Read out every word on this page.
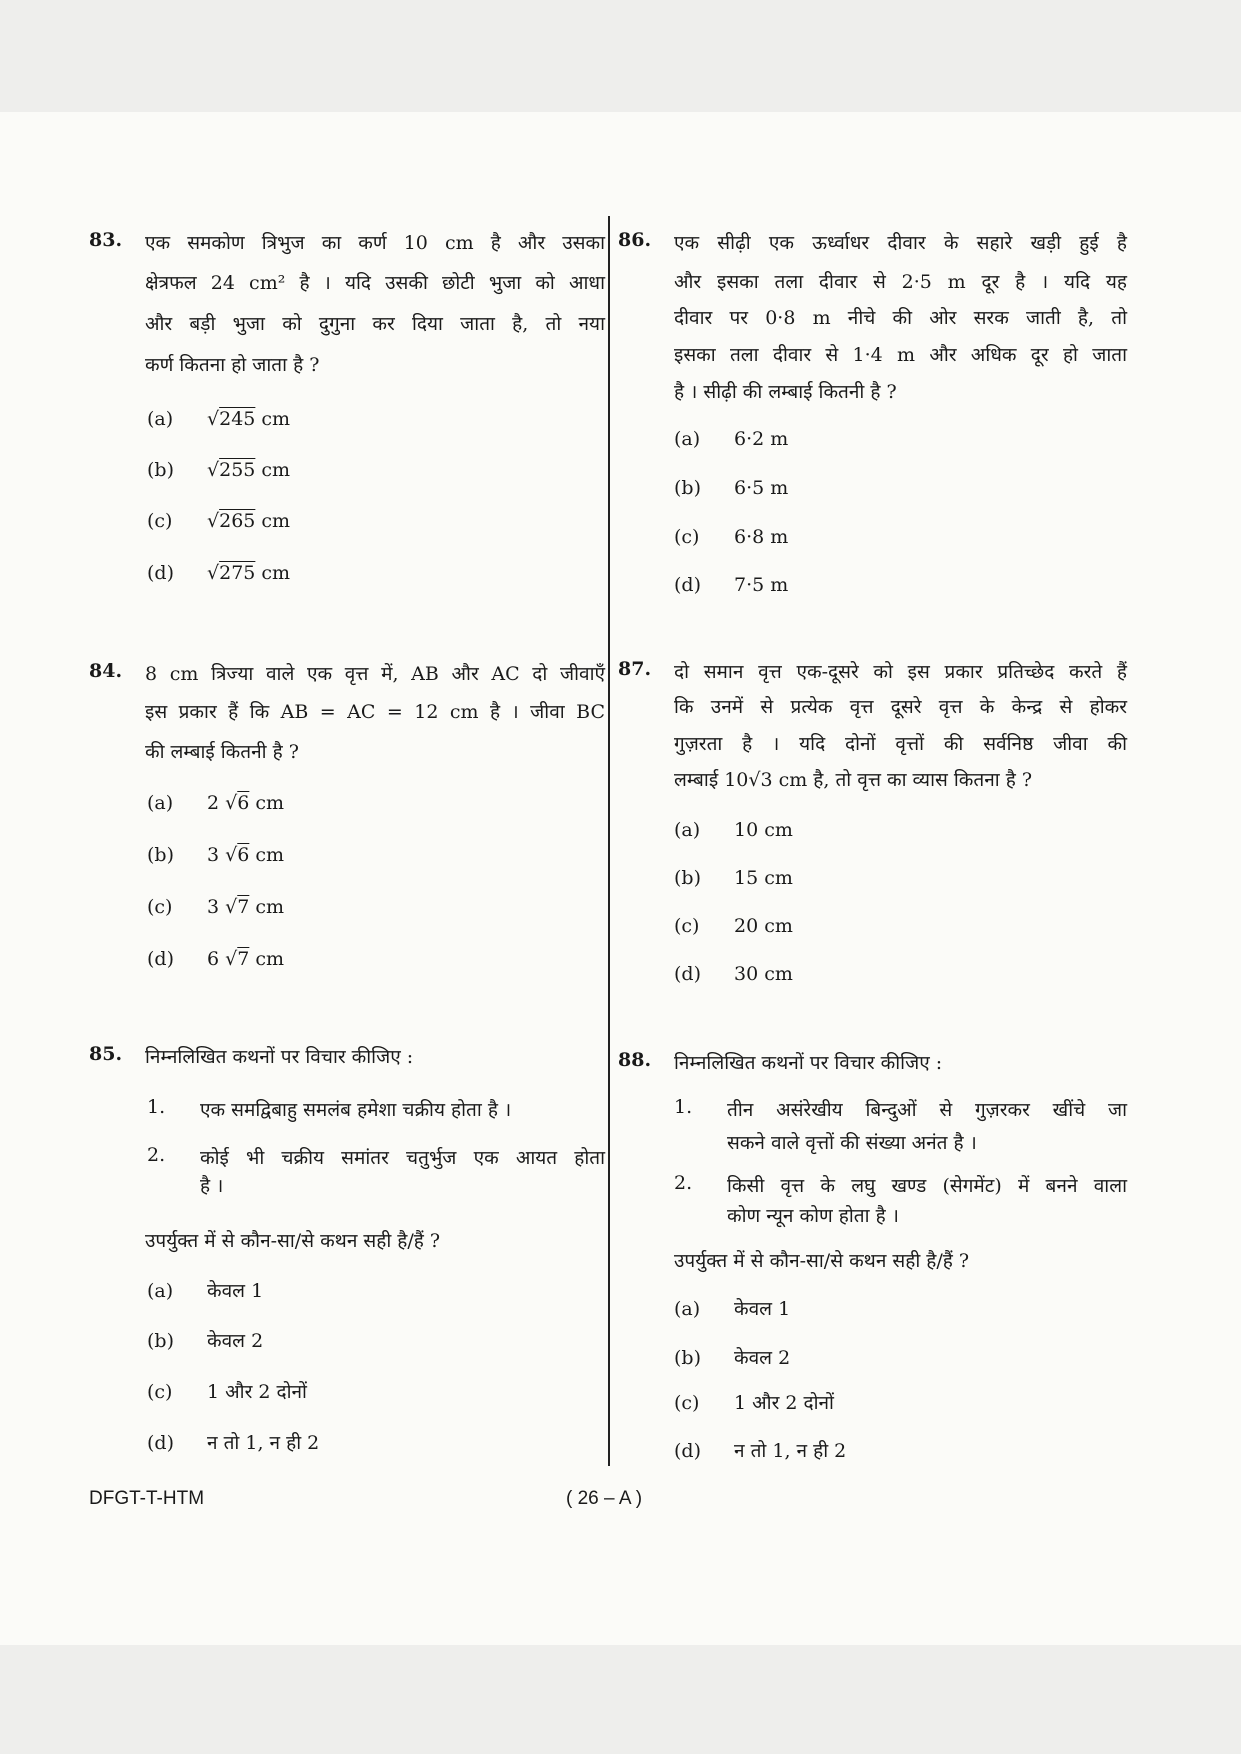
83. एक समकोण त्रिभुज का कर्ण 10 cm है और उसका
क्षेत्रफल 24 cm² है । यदि उसकी छोटी भुजा को आधा
और बड़ी भुजा को दुगुना कर दिया जाता है, तो नया
कर्ण कितना हो जाता है ?
(a) √245 cm
(b) √255 cm
(c) √265 cm
(d) √275 cm
84. 8 cm त्रिज्या वाले एक वृत्त में, AB और AC दो जीवाएँ
इस प्रकार हैं कि AB = AC = 12 cm है । जीवा BC
की लम्बाई कितनी है ?
(a) 2 √6 cm
(b) 3 √6 cm
(c) 3 √7 cm
(d) 6 √7 cm
85. निम्नलिखित कथनों पर विचार कीजिए :
1. एक समद्विबाहु समलंब हमेशा चक्रीय होता है ।
2. कोई भी चक्रीय समांतर चतुर्भुज एक आयत होता
है ।
उपर्युक्त में से कौन-सा/से कथन सही है/हैं ?
(a) केवल 1
(b) केवल 2
(c) 1 और 2 दोनों
(d) न तो 1, न ही 2
86. एक सीढ़ी एक ऊर्ध्वाधर दीवार के सहारे खड़ी हुई है
और इसका तला दीवार से 2·5 m दूर है । यदि यह
दीवार पर 0·8 m नीचे की ओर सरक जाती है, तो
इसका तला दीवार से 1·4 m और अधिक दूर हो जाता
है । सीढ़ी की लम्बाई कितनी है ?
(a) 6·2 m
(b) 6·5 m
(c) 6·8 m
(d) 7·5 m
87. दो समान वृत्त एक-दूसरे को इस प्रकार प्रतिच्छेद करते हैं
कि उनमें से प्रत्येक वृत्त दूसरे वृत्त के केन्द्र से होकर
गुज़रता है । यदि दोनों वृत्तों की सर्वनिष्ठ जीवा की
लम्बाई 10√3 cm है, तो वृत्त का व्यास कितना है ?
(a) 10 cm
(b) 15 cm
(c) 20 cm
(d) 30 cm
88. निम्नलिखित कथनों पर विचार कीजिए :
1. तीन असंरेखीय बिन्दुओं से गुज़रकर खींचे जा
सकने वाले वृत्तों की संख्या अनंत है ।
2. किसी वृत्त के लघु खण्ड (सेगमेंट) में बनने वाला
कोण न्यून कोण होता है ।
उपर्युक्त में से कौन-सा/से कथन सही है/हैं ?
(a) केवल 1
(b) केवल 2
(c) 1 और 2 दोनों
(d) न तो 1, न ही 2
DFGT-T-HTM	( 26 – A )
